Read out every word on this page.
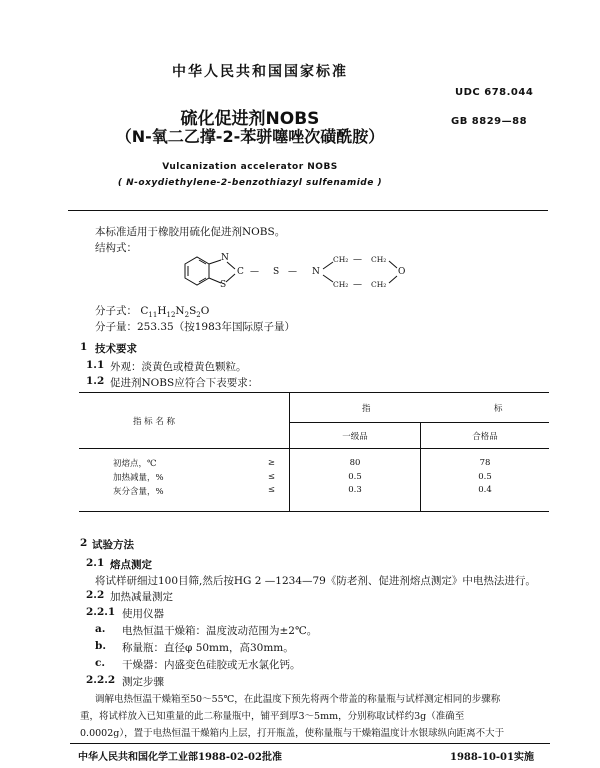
中华人民共和国国家标准
UDC 678.044
GB 8829—88
硫化促进剂NOBS
（N-氧二乙撑-2-苯骈噻唑次磺酰胺）
Vulcanization accelerator NOBS
( N-oxydiethylene-2-benzothiazyl sulfenamide )
本标准适用于橡胶用硫化促进剂NOBS。
结构式：
N
C
S
— S — N
CH₂ — CH₂
CH₂ — CH₂
O
分子式： $C_{11}H_{12}N_2S_2O$
分子量：253.35（按1983年国际原子量）
1 技术要求
1.1 外观：淡黄色或橙黄色颗粒。
1.2 促进剂NOBS应符合下表要求：
指 标 名 称		指 标	

		一级品	合格品
初熔点，℃	≥	80	78
加热减量，%	≤	0.5	0.5
灰分含量，%	≤	0.3	0.4
2 试验方法
2.1 熔点测定
将试样研细过100目筛,然后按HG 2 —1234—79《防老剂、促进剂熔点测定》中电热法进行。
2.2 加热减量测定
2.2.1 使用仪器
a. 电热恒温干燥箱：温度波动范围为±2℃。
b. 称量瓶：直径φ 50mm，高30mm。
c. 干燥器：内盛变色硅胶或无水氯化钙。
2.2.2 测定步骤
调解电热恒温干燥箱至50～55℃，在此温度下预先将两个带盖的称量瓶与试样测定相同的步骤称
重，将试样放入已知重量的此二称量瓶中，铺平到厚3～5mm，分别称取试样约3g（准确至
0.0002g），置于电热恒温干燥箱内上层，打开瓶盖，使称量瓶与干燥箱温度计水银球纵向距离不大于
中华人民共和国化学工业部1988-02-02批准	1988-10-01实施
